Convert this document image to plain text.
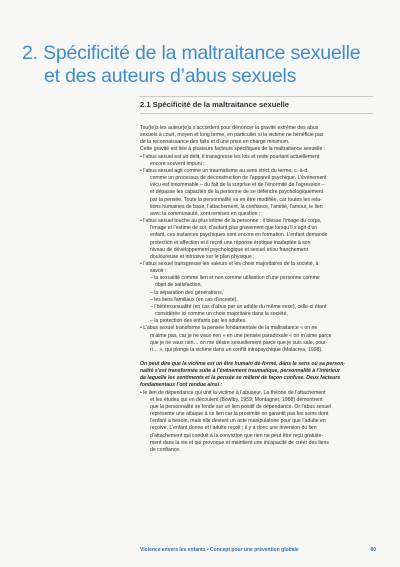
2. Spécificité de la maltraitance sexuelle
et des auteurs d’abus sexuels
2.1 Spécificité de la maltraitance sexuelle

Tou(te)s les auteur(e)s s’accordent pour dénoncer la gravité extrême des abus

sexuels à court, moyen et long terme, en particulier si la victime ne bénéficie pas

de la reconnaissance des faits et d’une prise en charge minimum.

Cette gravité est liée à plusieurs facteurs spécifiques de la maltraitance sexuelle :

• l’abus sexuel est un délit, il transgresse les lois et reste pourtant actuellement

encore souvent impuni ;

• l’abus sexuel agit comme un traumatisme au sens strict du terme, c.-à-d.

comme un processus de déconstruction de l’appareil psychique. L’événement

vécu est innommable – du fait de la surprise et de l’énormité de l’agression –

et dépasse les capacités de la personne de se défendre psychologiquement

par la pensée. Toute la personnalité va en être modifiée, car toutes les rela-

tions humaines de base, l’attachement, la confiance, l’amitié, l’amour, le lien

avec la communauté, sont remises en question ;

• l’abus sexuel touche au plus intime de la personne : il blesse l’image du corps,

l’image et l’estime de soi, d’autant plus gravement que lorsqu’il s’agit d’un

enfant, ces instances psychiques sont encore en formation. L’enfant demande

protection et affection et il reçoit une réponse érotique inadaptée à son

niveau de développement psychologique et sexuel et/ou franchement

douloureuse et intrusive sur le plan physique ;

• l’abus sexuel transgresse les valeurs et les choix majoritaires de la société, à

savoir :

– la sexualité comme lien et non comme utilisation d’une personne comme

objet de satisfaction,

– la séparation des générations,

– les liens familiaux (en cas d’inceste),

– l’hétérosexualité (en cas d’abus par un adulte du même sexe), celle-ci étant

considérée ici comme un choix majoritaire dans la société,

– la protection des enfants par les adultes.

• L’abus sexuel transforme la pensée fondamentale de la maltraitance « on ne

m’aime pas, car je ne vaux rien » en une pensée paradoxale « on m’aime parce

que je ne vaux rien… on me désire sexuellement parce que je suis sale, pour-

ri… », qui plonge la victime dans un conflit intrapsychique (Malacrea, 1998).

On peut dire que la victime est un être humain dé-formé, dans le sens où sa person-

nalité s’est transformée suite à l’événement traumatique, personnalité à l’intérieur

de laquelle les sentiments et la pensée se mêlent de façon confuse. Deux facteurs

fondamentaux l’ont rendue ainsi :

• le lien de dépendance qui unit la victime à l’abuseur. La théorie de l’attachement

et les études qui en découlent (Bowlby, 1959; Montagner, 1988) démontrent

que la personnalité se fonde sur un lien positif de dépendance. Or l’abus sexuel

représente une attaque à ce lien car la proximité ne garantit pas les soins dont

l’enfant a besoin, mais elle devient un acte manipulatoire pour que l’adulte en

reçoive. L’enfant donne et l’adulte reçoit ; il y a donc une inversion du lien

d’attachement qui conduit à la conviction que rien ne peut être reçu gratuite-

ment dans la vie et qui provoque et maintient une incapacité de créer des liens

de confiance.

Violence envers les enfants • Concept pour une prévention globale	80
